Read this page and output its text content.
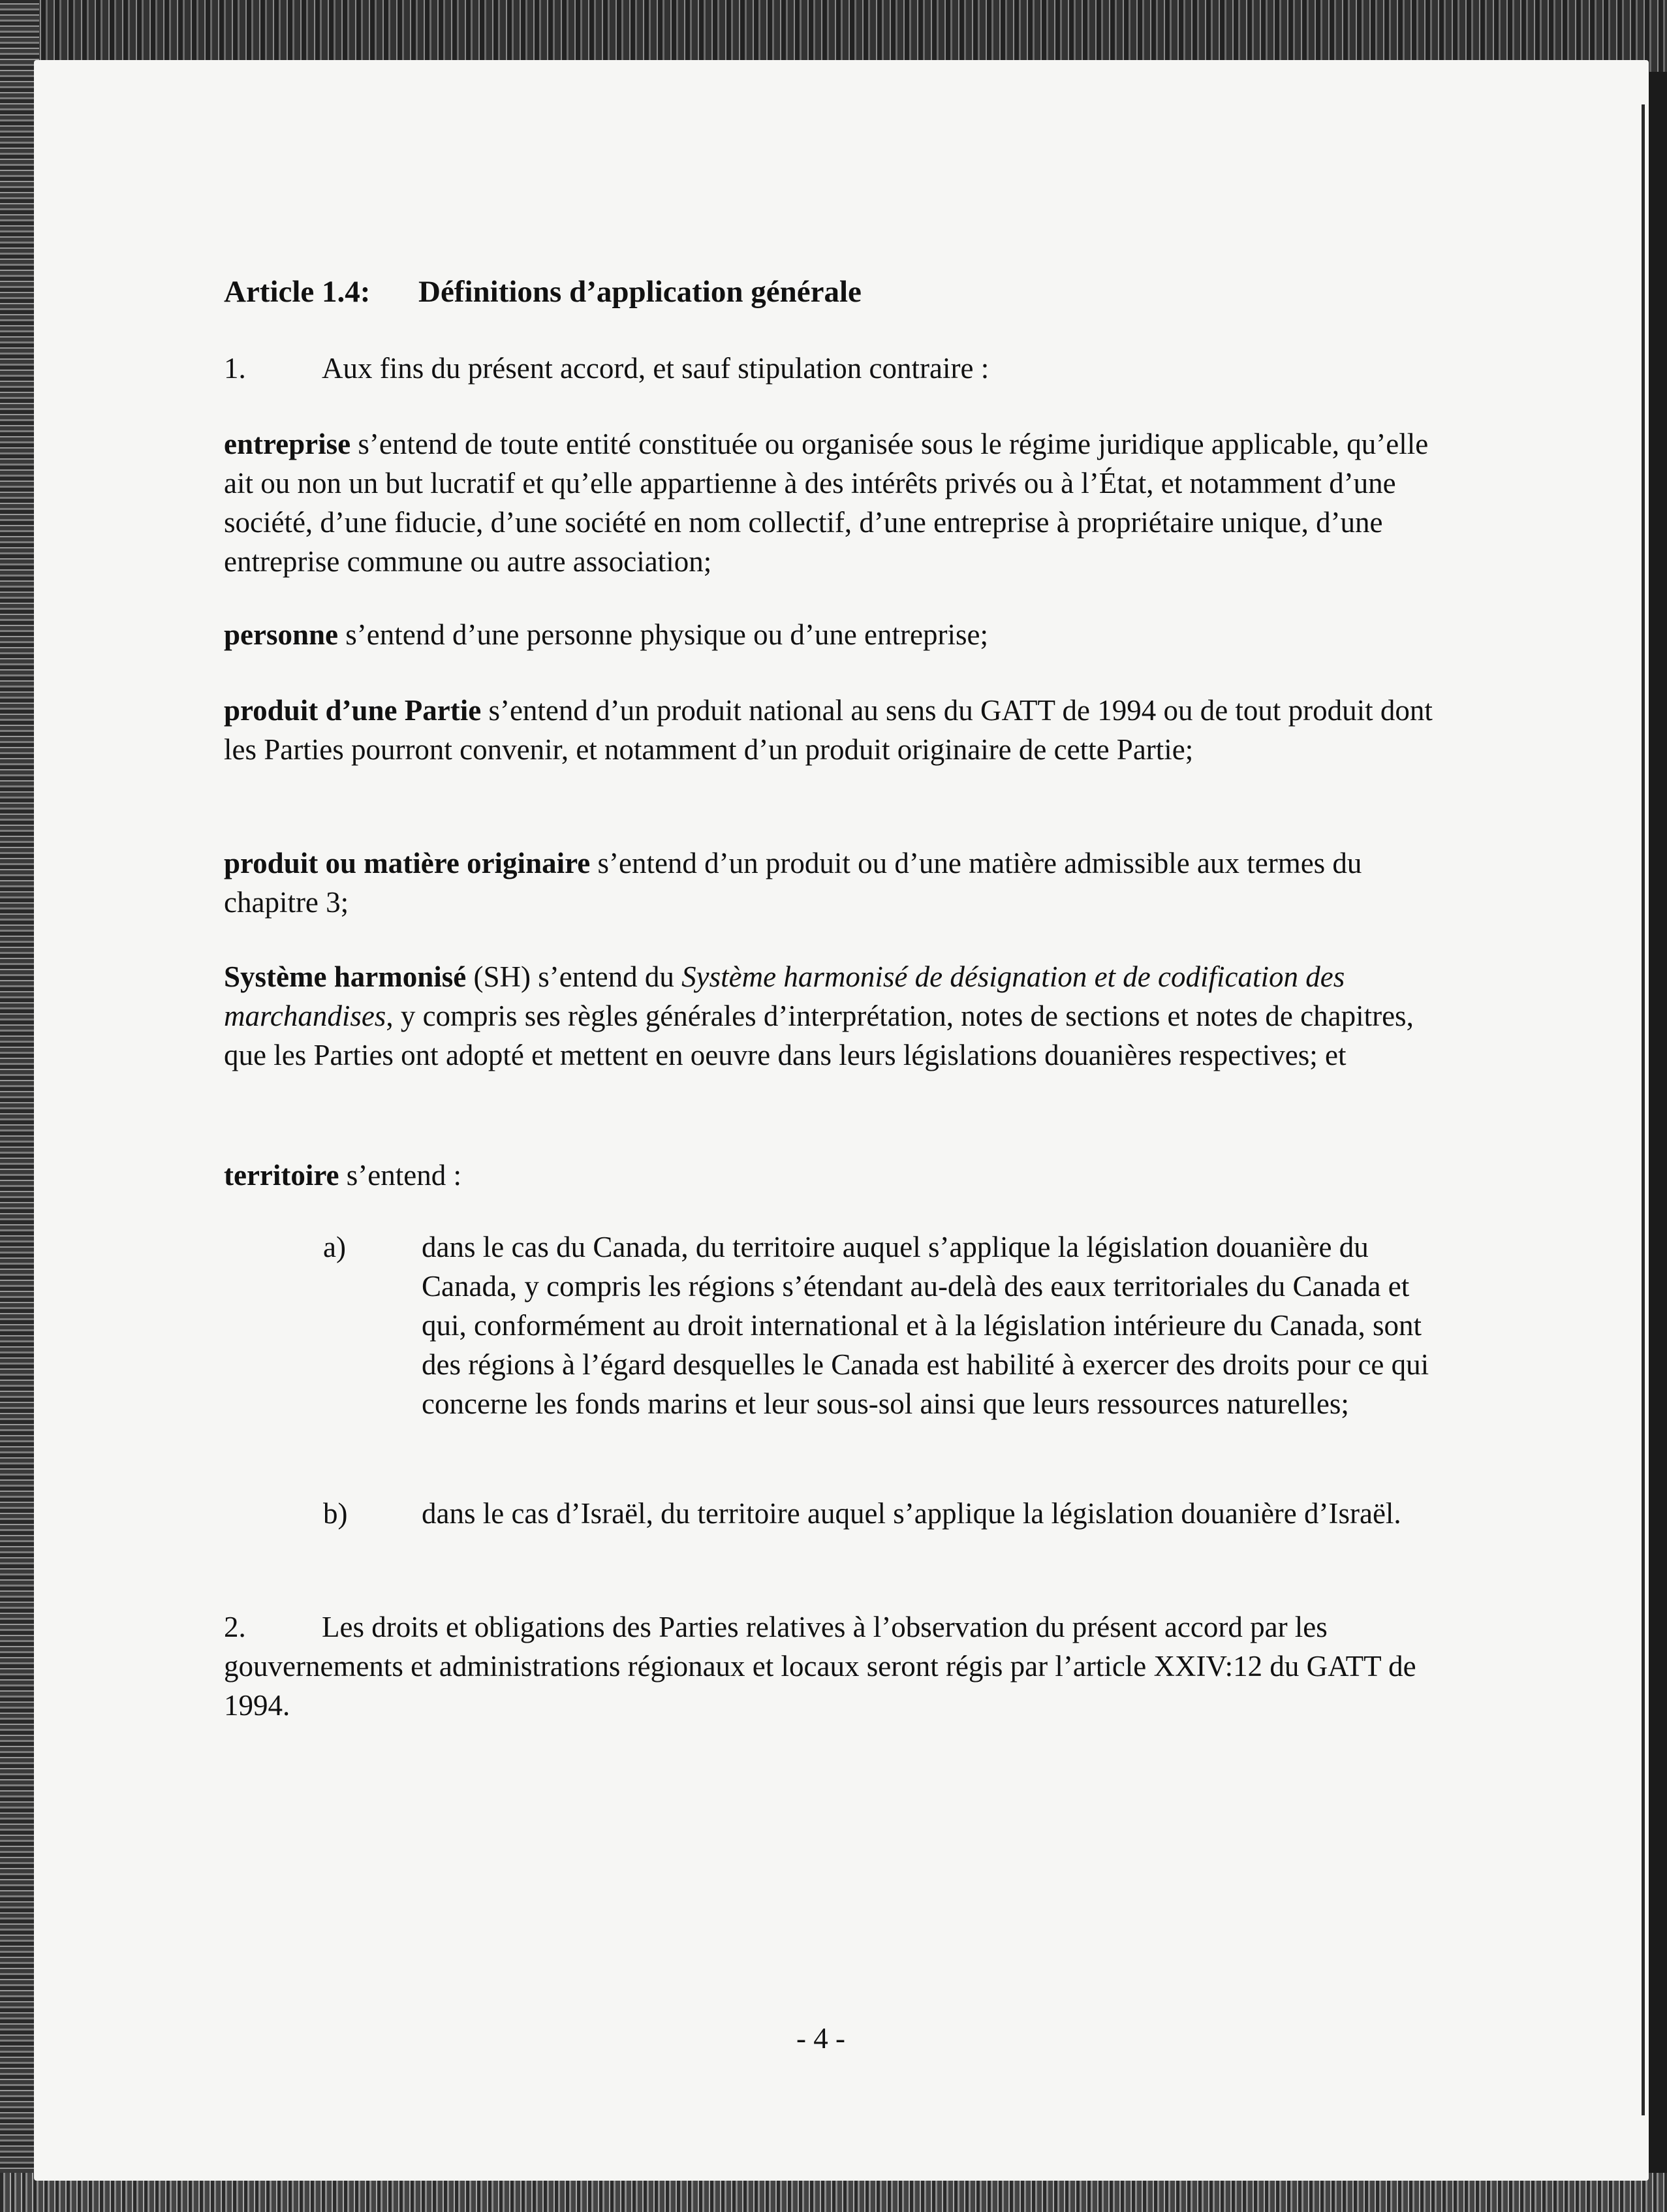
Article 1.4: Définitions d’application générale
1.	Aux fins du présent accord, et sauf stipulation contraire :
entreprise s’entend de toute entité constituée ou organisée sous le régime juridique applicable, qu’elle ait ou non un but lucratif et qu’elle appartienne à des intérêts privés ou à l’État, et notamment d’une société, d’une fiducie, d’une société en nom collectif, d’une entreprise à propriétaire unique, d’une entreprise commune ou autre association;
personne s’entend d’une personne physique ou d’une entreprise;
produit d’une Partie s’entend d’un produit national au sens du GATT de 1994 ou de tout produit dont les Parties pourront convenir, et notamment d’un produit originaire de cette Partie;
produit ou matière originaire s’entend d’un produit ou d’une matière admissible aux termes du chapitre 3;
Système harmonisé (SH) s’entend du Système harmonisé de désignation et de codification des marchandises, y compris ses règles générales d’interprétation, notes de sections et notes de chapitres, que les Parties ont adopté et mettent en oeuvre dans leurs législations douanières respectives; et
territoire s’entend :
a)	dans le cas du Canada, du territoire auquel s’applique la législation douanière du Canada, y compris les régions s’étendant au-delà des eaux territoriales du Canada et qui, conformément au droit international et à la législation intérieure du Canada, sont des régions à l’égard desquelles le Canada est habilité à exercer des droits pour ce qui concerne les fonds marins et leur sous-sol ainsi que leurs ressources naturelles;
b)	dans le cas d’Israël, du territoire auquel s’applique la législation douanière d’Israël.
2.	Les droits et obligations des Parties relatives à l’observation du présent accord par les gouvernements et administrations régionaux et locaux seront régis par l’article XXIV:12 du GATT de 1994.
- 4 -
